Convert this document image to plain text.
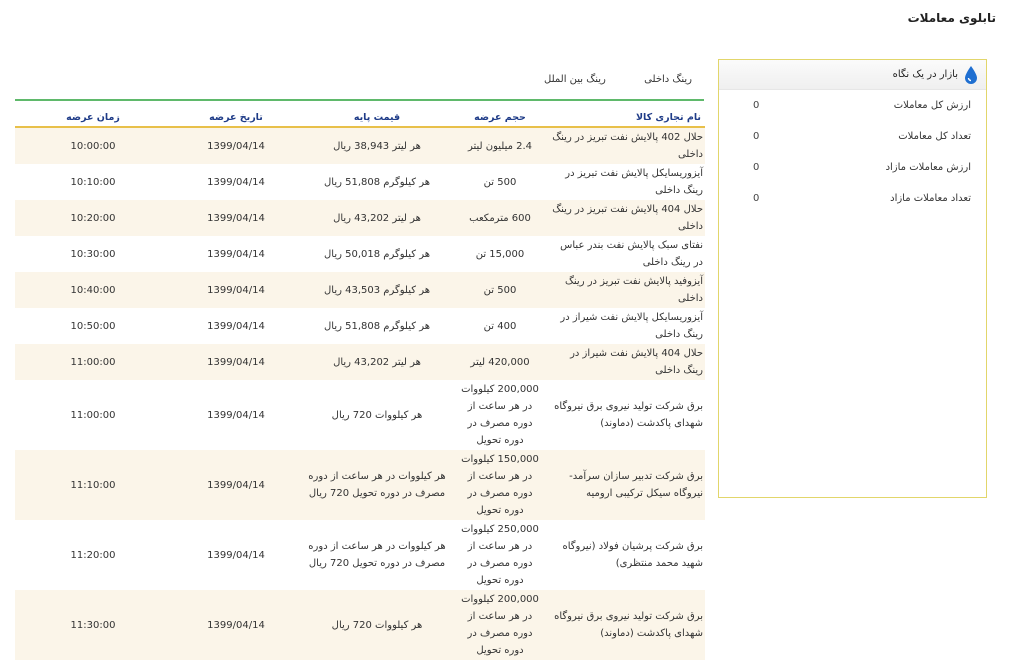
تابلوی معاملات
بازار در یک نگاه
ارزش کل معاملات
0
تعداد کل معاملات
0
ارزش معاملات مازاد
0
تعداد معاملات مازاد
0
رینگ داخلی
رینگ بین الملل
نام تجاری کالا	حجم عرضه	قیمت پایه	تاریخ عرضه	زمان عرضه
حلال 402 پالایش نفت تبریز در رینگ داخلی	2.4 میلیون لیتر	هر لیتر 38,943 ریال	1399/04/14	10:00:00
آیزوریسایکل پالایش نفت تبریز در رینگ داخلی	500 تن	هر کیلوگرم 51,808 ریال	1399/04/14	10:10:00
حلال 404 پالایش نفت تبریز در رینگ داخلی	600 مترمکعب	هر لیتر 43,202 ریال	1399/04/14	10:20:00
نفتای سبک پالایش نفت بندر عباس در رینگ داخلی	15,000 تن	هر کیلوگرم 50,018 ریال	1399/04/14	10:30:00
آیزوفید پالایش نفت تبریز در رینگ داخلی	500 تن	هر کیلوگرم 43,503 ریال	1399/04/14	10:40:00
آیزوریسایکل پالایش نفت شیراز در رینگ داخلی	400 تن	هر کیلوگرم 51,808 ریال	1399/04/14	10:50:00
حلال 404 پالایش نفت شیراز در رینگ داخلی	420,000 لیتر	هر لیتر 43,202 ریال	1399/04/14	11:00:00
برق شرکت تولید نیروی برق نیروگاه شهدای پاکدشت (دماوند)	200,000 کیلووات در هر ساعت از دوره مصرف در دوره تحویل	هر کیلووات 720 ریال	1399/04/14	11:00:00
برق شرکت تدبیر سازان سرآمد-نیروگاه سیکل ترکیبی ارومیه	150,000 کیلووات در هر ساعت از دوره مصرف در دوره تحویل	هر کیلووات در هر ساعت از دوره مصرف در دوره تحویل 720 ریال	1399/04/14	11:10:00
برق شرکت پرشیان فولاد (نیروگاه شهید محمد منتظری)	250,000 کیلووات در هر ساعت از دوره مصرف در دوره تحویل	هر کیلووات در هر ساعت از دوره مصرف در دوره تحویل 720 ریال	1399/04/14	11:20:00
برق شرکت تولید نیروی برق نیروگاه شهدای پاکدشت (دماوند)	200,000 کیلووات در هر ساعت از دوره مصرف در دوره تحویل	هر کیلووات 720 ریال	1399/04/14	11:30:00
